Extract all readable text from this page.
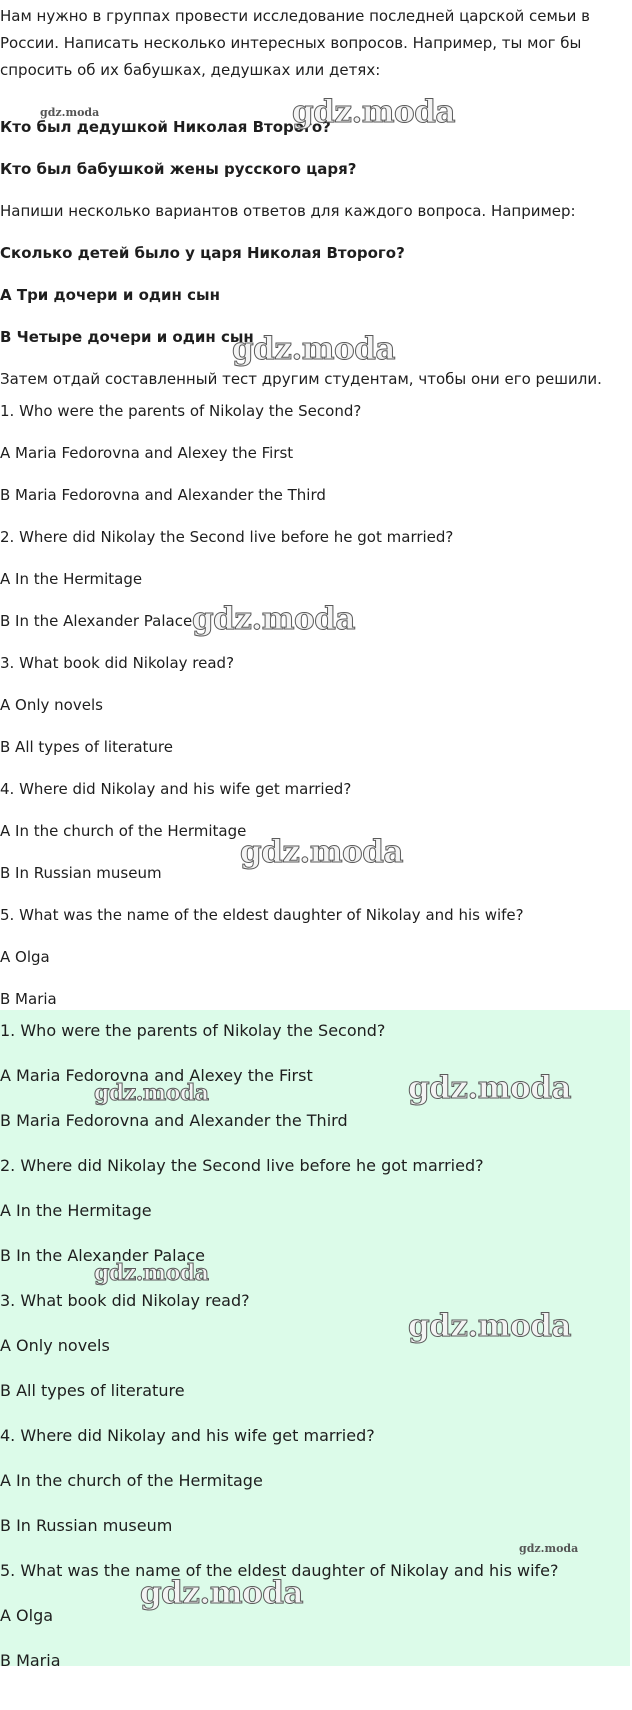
Нам нужно в группах провести исследование последней царской семьи в России. Написать несколько интересных вопросов. Например, ты мог бы спросить об их бабушках, дедушках или детях:
Кто был дедушкой Николая Второго?
Кто был бабушкой жены русского царя?
Напиши несколько вариантов ответов для каждого вопроса. Например:
Сколько детей было у царя Николая Второго?
А Три дочери и один сын
В Четыре дочери и один сын
Затем отдай составленный тест другим студентам, чтобы они его решили.
1. Who were the parents of Nikolay the Second?
A Maria Fedorovna and Alexey the First
B Maria Fedorovna and Alexander the Third
2. Where did Nikolay the Second live before he got married?
A In the Hermitage
B In the Alexander Palace
3. What book did Nikolay read?
A Only novels
B All types of literature
4. Where did Nikolay and his wife get married?
A In the church of the Hermitage
B In Russian museum
5. What was the name of the eldest daughter of Nikolay and his wife?
A Olga
B Maria
1. Who were the parents of Nikolay the Second?
A Maria Fedorovna and Alexey the First
B Maria Fedorovna and Alexander the Third
2. Where did Nikolay the Second live before he got married?
A In the Hermitage
B In the Alexander Palace
3. What book did Nikolay read?
A Only novels
B All types of literature
4. Where did Nikolay and his wife get married?
A In the church of the Hermitage
B In Russian museum
5. What was the name of the eldest daughter of Nikolay and his wife?
A Olga
B Maria
gdz.moda	gdz.moda
gdz.moda
gdz.moda
gdz.moda
gdz.moda
gdz.moda
gdz.moda
gdz.moda
gdz.moda
gdz.moda
